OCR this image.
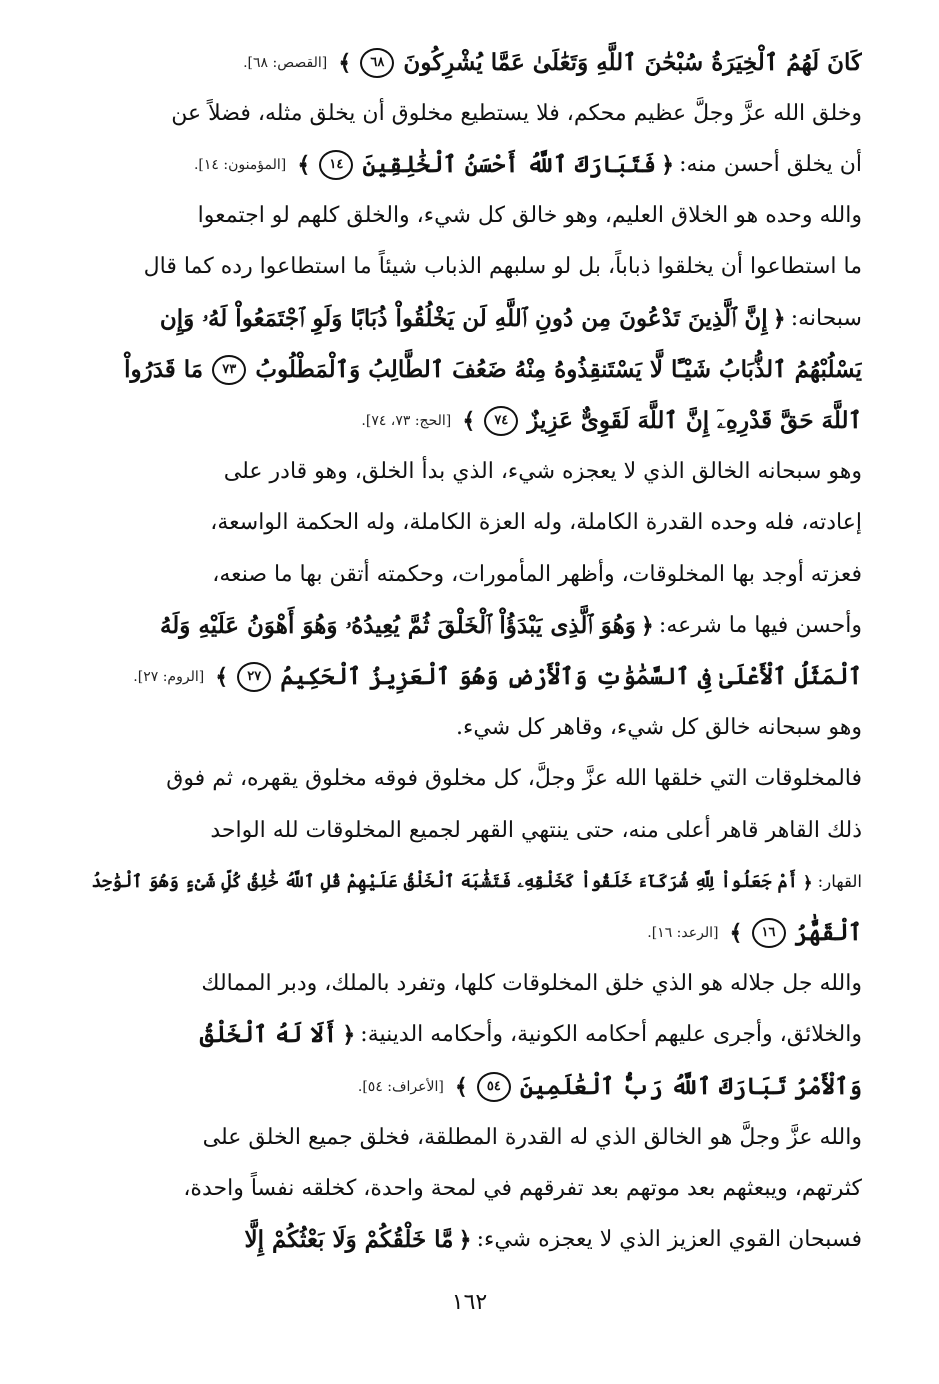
كَانَ لَهُمُ ٱلْخِيَرَةُ سُبْحَٰنَ ٱللَّهِ وَتَعَٰلَىٰ عَمَّا يُشْرِكُونَ ٦٨ ﴾ [القصص: ٦٨].
وخلق الله عزَّ وجلَّ عظيم محكم، فلا يستطيع مخلوق أن يخلق مثله، فضلاً عن
أن يخلق أحسن منه: ﴿ فَتَبَارَكَ ٱللَّهُ أَحْسَنُ ٱلْخَٰلِقِينَ ١٤ ﴾ [المؤمنون: ١٤].
والله وحده هو الخلاق العليم، وهو خالق كل شيء، والخلق كلهم لو اجتمعوا
ما استطاعوا أن يخلقوا ذباباً، بل لو سلبهم الذباب شيئاً ما استطاعوا رده كما قال
سبحانه: ﴿ إِنَّ ٱلَّذِينَ تَدْعُونَ مِن دُونِ ٱللَّهِ لَن يَخْلُقُواْ ذُبَابًا وَلَوِ ٱجْتَمَعُواْ لَهُۥ وَإِن
يَسْلُبْهُمُ ٱلذُّبَابُ شَيْـًٔا لَّا يَسْتَنقِذُوهُ مِنْهُ ضَعُفَ ٱلطَّالِبُ وَٱلْمَطْلُوبُ ٧٣ مَا قَدَرُواْ
ٱللَّهَ حَقَّ قَدْرِهِۦٓ إِنَّ ٱللَّهَ لَقَوِىٌّ عَزِيزٌ ٧٤ ﴾ [الحج: ٧٣، ٧٤].
وهو سبحانه الخالق الذي لا يعجزه شيء، الذي بدأ الخلق، وهو قادر على
إعادته، فله وحده القدرة الكاملة، وله العزة الكاملة، وله الحكمة الواسعة،
فعزته أوجد بها المخلوقات، وأظهر المأمورات، وحكمته أتقن بها ما صنعه،
وأحسن فيها ما شرعه: ﴿ وَهُوَ ٱلَّذِى يَبْدَؤُاْ ٱلْخَلْقَ ثُمَّ يُعِيدُهُۥ وَهُوَ أَهْوَنُ عَلَيْهِ وَلَهُ
ٱلْمَثَلُ ٱلْأَعْلَىٰ فِى ٱلسَّمَٰوَٰتِ وَٱلْأَرْضِ وَهُوَ ٱلْعَزِيزُ ٱلْحَكِيمُ ٢٧ ﴾ [الروم: ٢٧].
وهو سبحانه خالق كل شيء، وقاهر كل شيء.
فالمخلوقات التي خلقها الله عزَّ وجلَّ، كل مخلوق فوقه مخلوق يقهره، ثم فوق
ذلك القاهر قاهر أعلى منه، حتى ينتهي القهر لجميع المخلوقات لله الواحد
القهار: ﴿ أَمْ جَعَلُواْ لِلَّهِ شُرَكَآءَ خَلَقُواْ كَخَلْقِهِۦ فَتَشَٰبَهَ ٱلْخَلْقُ عَلَيْهِمْ قُلِ ٱللَّهُ خَٰلِقُ كُلِّ شَىْءٍ وَهُوَ ٱلْوَٰحِدُ
ٱلْقَهَّٰرُ ١٦ ﴾ [الرعد: ١٦].
والله جل جلاله هو الذي خلق المخلوقات كلها، وتفرد بالملك، ودبر الممالك
والخلائق، وأجرى عليهم أحكامه الكونية، وأحكامه الدينية: ﴿ أَلَا لَهُ ٱلْخَلْقُ
وَٱلْأَمْرُ تَبَارَكَ ٱللَّهُ رَبُّ ٱلْعَٰلَمِينَ ٥٤ ﴾ [الأعراف: ٥٤].
والله عزَّ وجلَّ هو الخالق الذي له القدرة المطلقة، فخلق جميع الخلق على
كثرتهم، ويبعثهم بعد موتهم بعد تفرقهم في لمحة واحدة، كخلقه نفساً واحدة،
فسبحان القوي العزيز الذي لا يعجزه شيء: ﴿ مَّا خَلْقُكُمْ وَلَا بَعْثُكُمْ إِلَّا
١٦٢
